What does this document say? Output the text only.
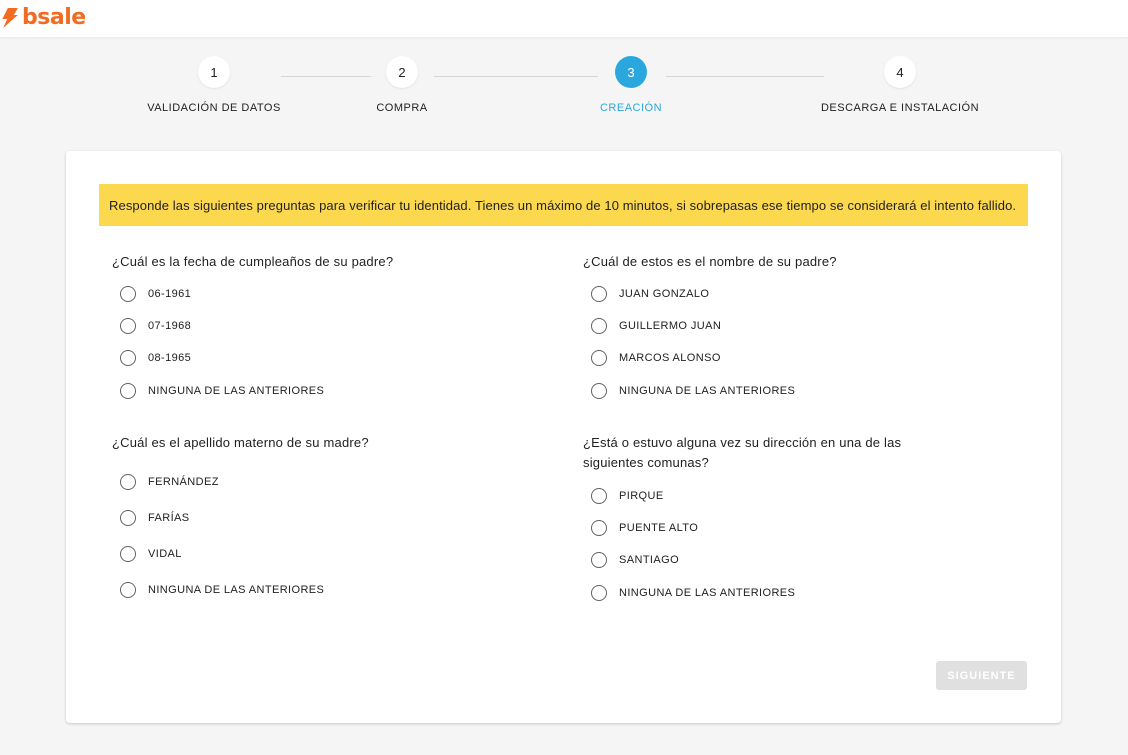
bsale
1	2	3	4
VALIDACIÓN DE DATOS	COMPRA	CREACIÓN	DESCARGA E INSTALACIÓN
Responde las siguientes preguntas para verificar tu identidad. Tienes un máximo de 10 minutos, si sobrepasas ese tiempo se considerará el intento fallido.
¿Cuál es la fecha de cumpleaños de su padre?
06-1961
07-1968
08-1965
NINGUNA DE LAS ANTERIORES
¿Cuál de estos es el nombre de su padre?
JUAN GONZALO
GUILLERMO JUAN
MARCOS ALONSO
NINGUNA DE LAS ANTERIORES
¿Cuál es el apellido materno de su madre?
FERNÁNDEZ
FARÍAS
VIDAL
NINGUNA DE LAS ANTERIORES
¿Está o estuvo alguna vez su dirección en una de las
siguientes comunas?
PIRQUE
PUENTE ALTO
SANTIAGO
NINGUNA DE LAS ANTERIORES
SIGUIENTE
